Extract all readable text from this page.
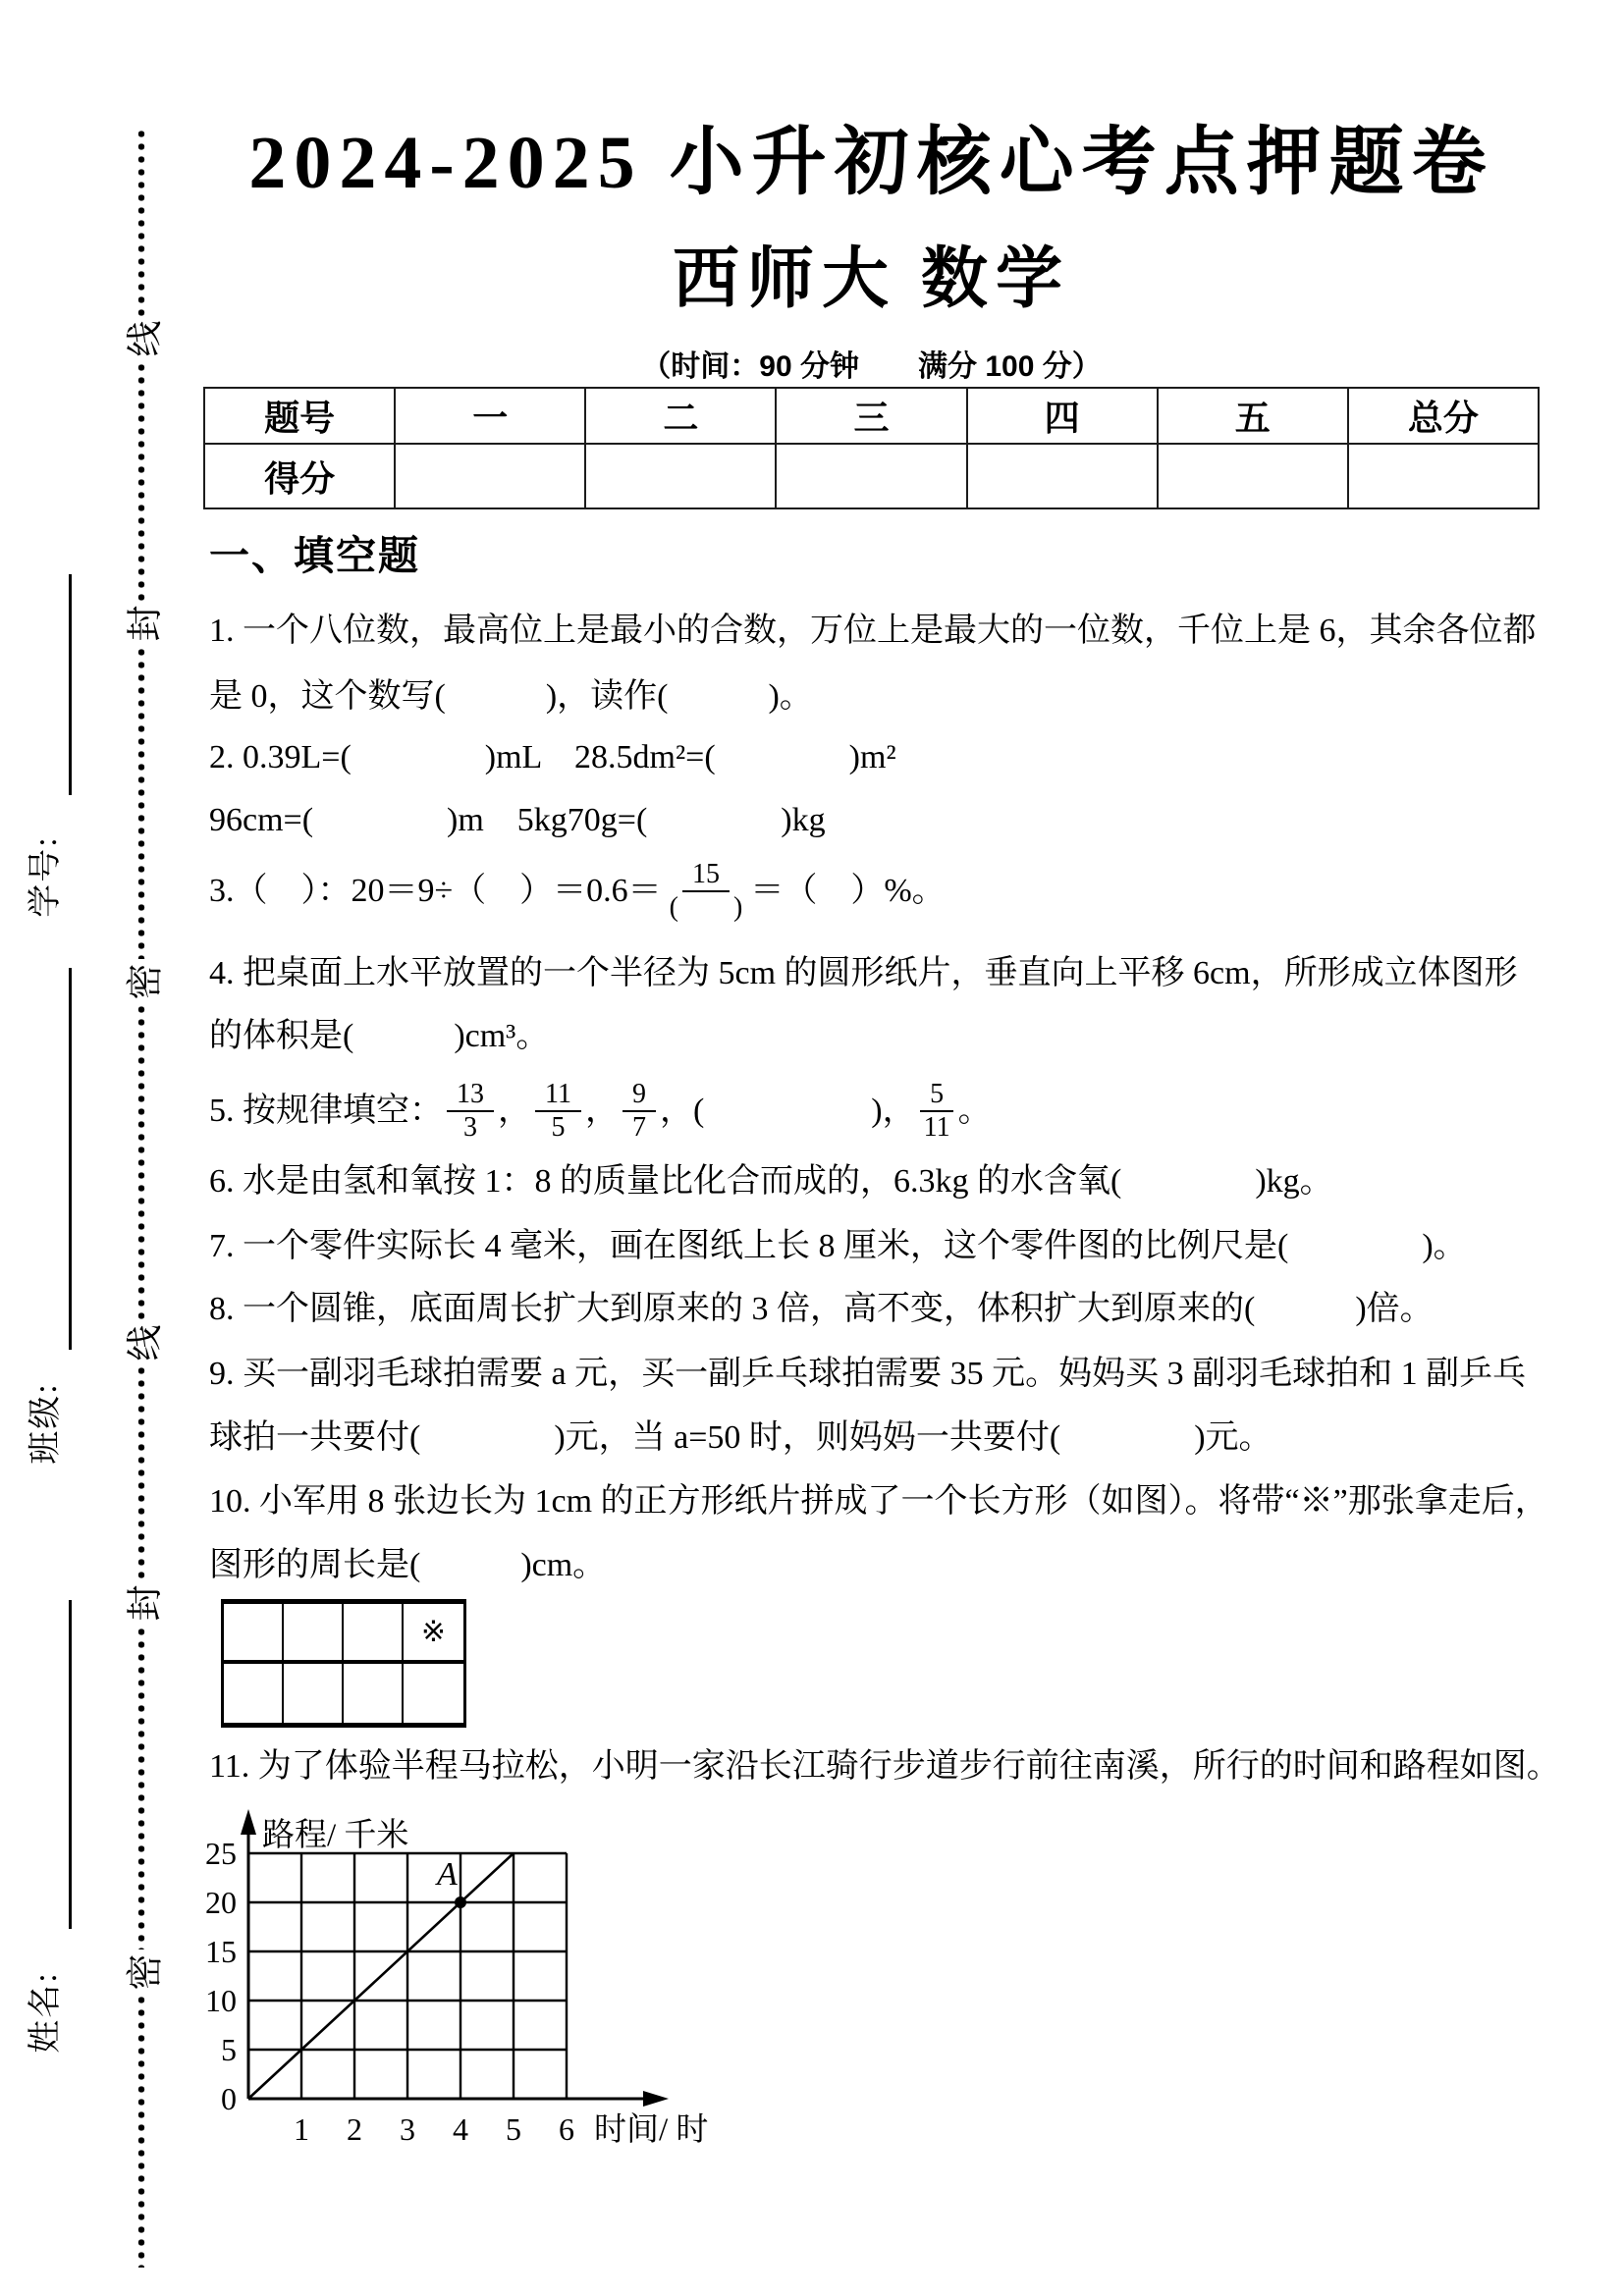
线
封
密
线
封
密
学号:
班级:
姓名:
2024-2025 小升初核心考点押题卷
西师大 数学
（时间：90 分钟　　满分 100 分）
题号	一	二	三	四	五	总分
得分						
一、填空题
1. 一个八位数，最高位上是最小的合数，万位上是最大的一位数，千位上是 6，其余各位都
是 0，这个数写(　　　)，读作(　　　)。
2. 0.39L=(　　　　)mL　28.5dm²=(　　　　)m²
96cm=(　　　　)m　5kg70g=(　　　　)kg
3.（　）：20＝9÷（　）$=0.6= \frac{15}{( )}$ ＝（　）%。
4. 把桌面上水平放置的一个半径为 5cm 的圆形纸片，垂直向上平移 6cm，所形成立体图形
的体积是(　　　)cm³。
5. 按规律填空： $\frac{13}{3}$ ， $\frac{11}{5}$ ， $\frac{9}{7}$ ， (　　　　　)， $\frac{5}{11}$ 。
6. 水是由氢和氧按 1：8 的质量比化合而成的，6.3kg 的水含氧(　　　　)kg。
7. 一个零件实际长 4 毫米，画在图纸上长 8 厘米，这个零件图的比例尺是(　　　　)。
8. 一个圆锥，底面周长扩大到原来的 3 倍，高不变，体积扩大到原来的(　　　)倍。
9. 买一副羽毛球拍需要 a 元，买一副乒乓球拍需要 35 元。妈妈买 3 副羽毛球拍和 1 副乒乓
球拍一共要付(　　　　)元，当 a=50 时，则妈妈一共要付(　　　　)元。
10. 小军用 8 张边长为 1cm 的正方形纸片拼成了一个长方形（如图）。将带“※”那张拿走后，
图形的周长是(　　　)cm。
※
11. 为了体验半程马拉松，小明一家沿长江骑行步道步行前往南溪，所行的时间和路程如图。
A
0
5
10
15
20
25
1 2 3 4 5 6
路程/ 千米
时间/ 时
